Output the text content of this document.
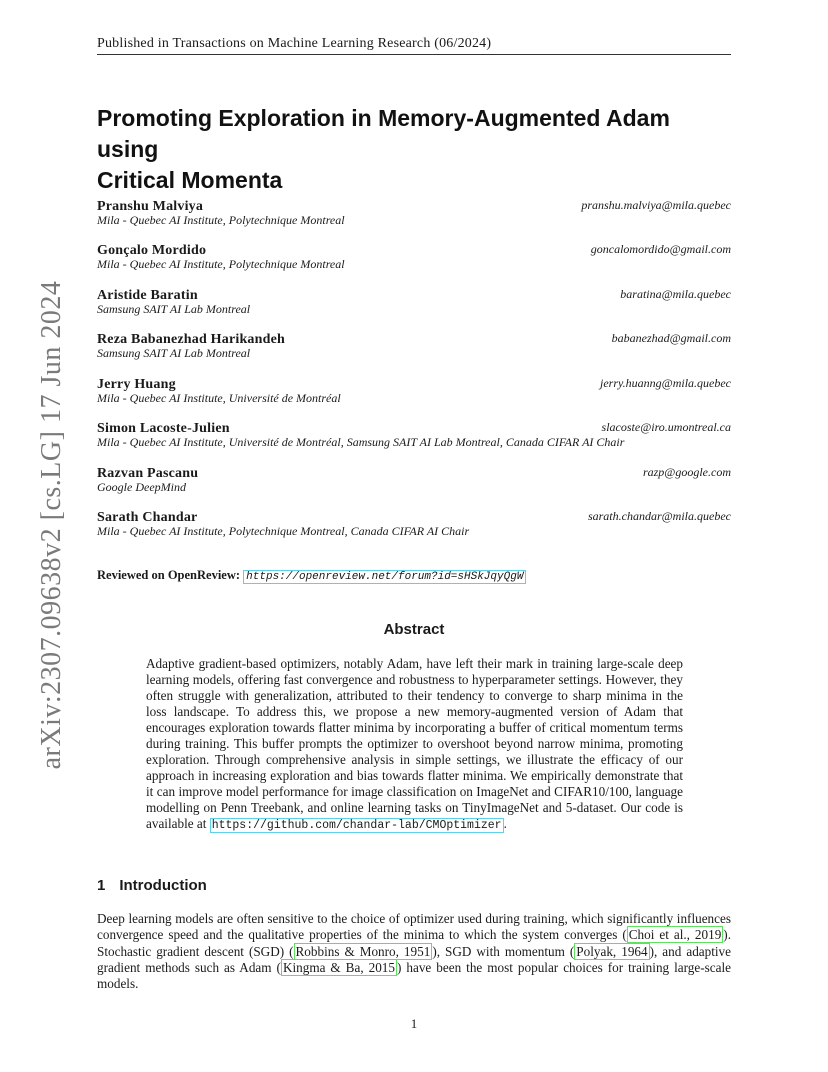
Published in Transactions on Machine Learning Research (06/2024)
arXiv:2307.09638v2 [cs.LG] 17 Jun 2024
Promoting Exploration in Memory-Augmented Adam using
Critical Momenta
Pranshu Malviya	pranshu.malviya@mila.quebec
Mila - Quebec AI Institute, Polytechnique Montreal
Gonçalo Mordido	goncalomordido@gmail.com
Mila - Quebec AI Institute, Polytechnique Montreal
Aristide Baratin	baratina@mila.quebec
Samsung SAIT AI Lab Montreal
Reza Babanezhad Harikandeh	babanezhad@gmail.com
Samsung SAIT AI Lab Montreal
Jerry Huang	jerry.huanng@mila.quebec
Mila - Quebec AI Institute, Université de Montréal
Simon Lacoste-Julien	slacoste@iro.umontreal.ca
Mila - Quebec AI Institute, Université de Montréal, Samsung SAIT AI Lab Montreal, Canada CIFAR AI Chair
Razvan Pascanu	razp@google.com
Google DeepMind
Sarath Chandar	sarath.chandar@mila.quebec
Mila - Quebec AI Institute, Polytechnique Montreal, Canada CIFAR AI Chair
Reviewed on OpenReview: https://openreview.net/forum?id=sHSkJqyQgW
Abstract
Adaptive gradient-based optimizers, notably Adam, have left their mark in training large-scale deep learning models, offering fast convergence and robustness to hyperparameter settings. However, they often struggle with generalization, attributed to their tendency to converge to sharp minima in the loss landscape. To address this, we propose a new memory-augmented version of Adam that encourages exploration towards flatter minima by incorporating a buffer of critical momentum terms during training. This buffer prompts the optimizer to overshoot beyond narrow minima, promoting exploration. Through comprehensive analysis in simple settings, we illustrate the efficacy of our approach in increasing exploration and bias towards flatter minima. We empirically demonstrate that it can improve model performance for image classification on ImageNet and CIFAR10/100, language modelling on Penn Treebank, and online learning tasks on TinyImageNet and 5-dataset. Our code is available at https://github.com/chandar-lab/CMOptimizer .
1 Introduction
Deep learning models are often sensitive to the choice of optimizer used during training, which significantly influences convergence speed and the qualitative properties of the minima to which the system converges ( Choi et al., 2019 ). Stochastic gradient descent (SGD) ( Robbins & Monro, 1951 ), SGD with momentum ( Polyak, 1964 ), and adaptive gradient methods such as Adam ( Kingma & Ba, 2015 ) have been the most popular choices for training large-scale models.
1
